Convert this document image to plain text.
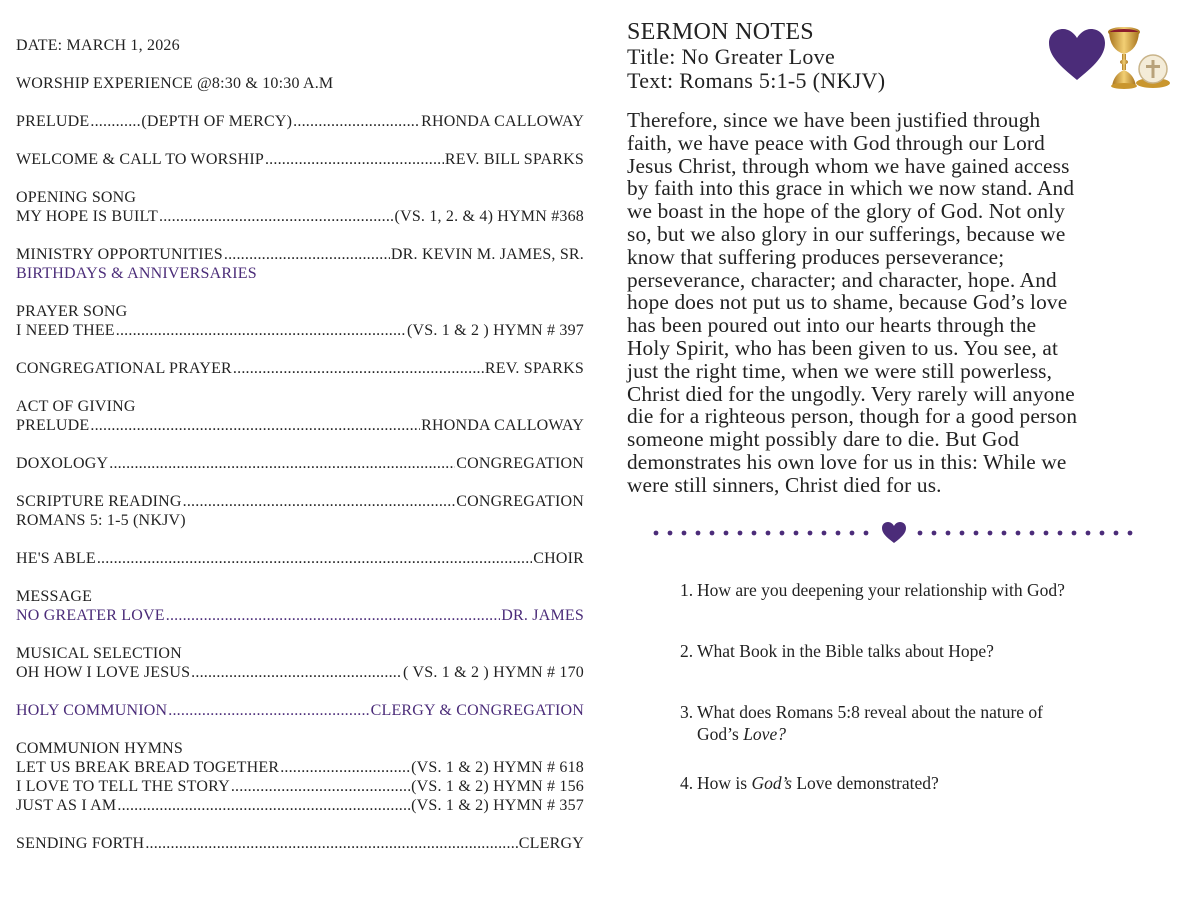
DATE: MARCH 1, 2026
WORSHIP EXPERIENCE @8:30 & 10:30 A.M
PRELUDE .....	(DEPTH OF MERCY) .....	RHONDA CALLOWAY
WELCOME & CALL TO WORSHIP .....	REV. BILL SPARKS
OPENING SONG
MY HOPE IS BUILT .....	(VS. 1, 2. & 4) HYMN #368
MINISTRY OPPORTUNITIES .....	DR. KEVIN M. JAMES, SR.
BIRTHDAYS & ANNIVERSARIES
PRAYER SONG
I NEED THEE .....	(VS. 1 & 2 ) HYMN # 397
CONGREGATIONAL PRAYER .....	REV. SPARKS
ACT OF GIVING
PRELUDE .....	RHONDA CALLOWAY
DOXOLOGY .....	CONGREGATION
SCRIPTURE READING .....	CONGREGATION
ROMANS 5: 1-5 (NKJV)
HE'S ABLE .....	CHOIR
MESSAGE
NO GREATER LOVE .....	DR. JAMES
MUSICAL SELECTION
OH HOW I LOVE JESUS .....	( VS. 1 & 2 ) HYMN # 170
HOLY COMMUNION .....	CLERGY & CONGREGATION
COMMUNION HYMNS
LET US BREAK BREAD TOGETHER .....	(VS. 1 & 2) HYMN # 618
I LOVE TO TELL THE STORY .....	(VS. 1 & 2) HYMN # 156
JUST AS I AM .....	(VS. 1 & 2) HYMN # 357
SENDING FORTH .....	CLERGY
SERMON NOTES
Title: No Greater Love
Text: Romans 5:1-5 (NKJV)
Therefore, since we have been justified through
faith, we have peace with God through our Lord
Jesus Christ, through whom we have gained access
by faith into this grace in which we now stand. And
we boast in the hope of the glory of God. Not only
so, but we also glory in our sufferings, because we
know that suffering produces perseverance;
perseverance, character; and character, hope. And
hope does not put us to shame, because God’s love
has been poured out into our hearts through the
Holy Spirit, who has been given to us. You see, at
just the right time, when we were still powerless,
Christ died for the ungodly. Very rarely will anyone
die for a righteous person, though for a good person
someone might possibly dare to die. But God
demonstrates his own love for us in this: While we
were still sinners, Christ died for us.
1. How are you deepening your relationship with God?
2. What Book in the Bible talks about Hope?
3. What does Romans 5:8 reveal about the nature of
God’s Love?
4. How is God’s Love demonstrated?
